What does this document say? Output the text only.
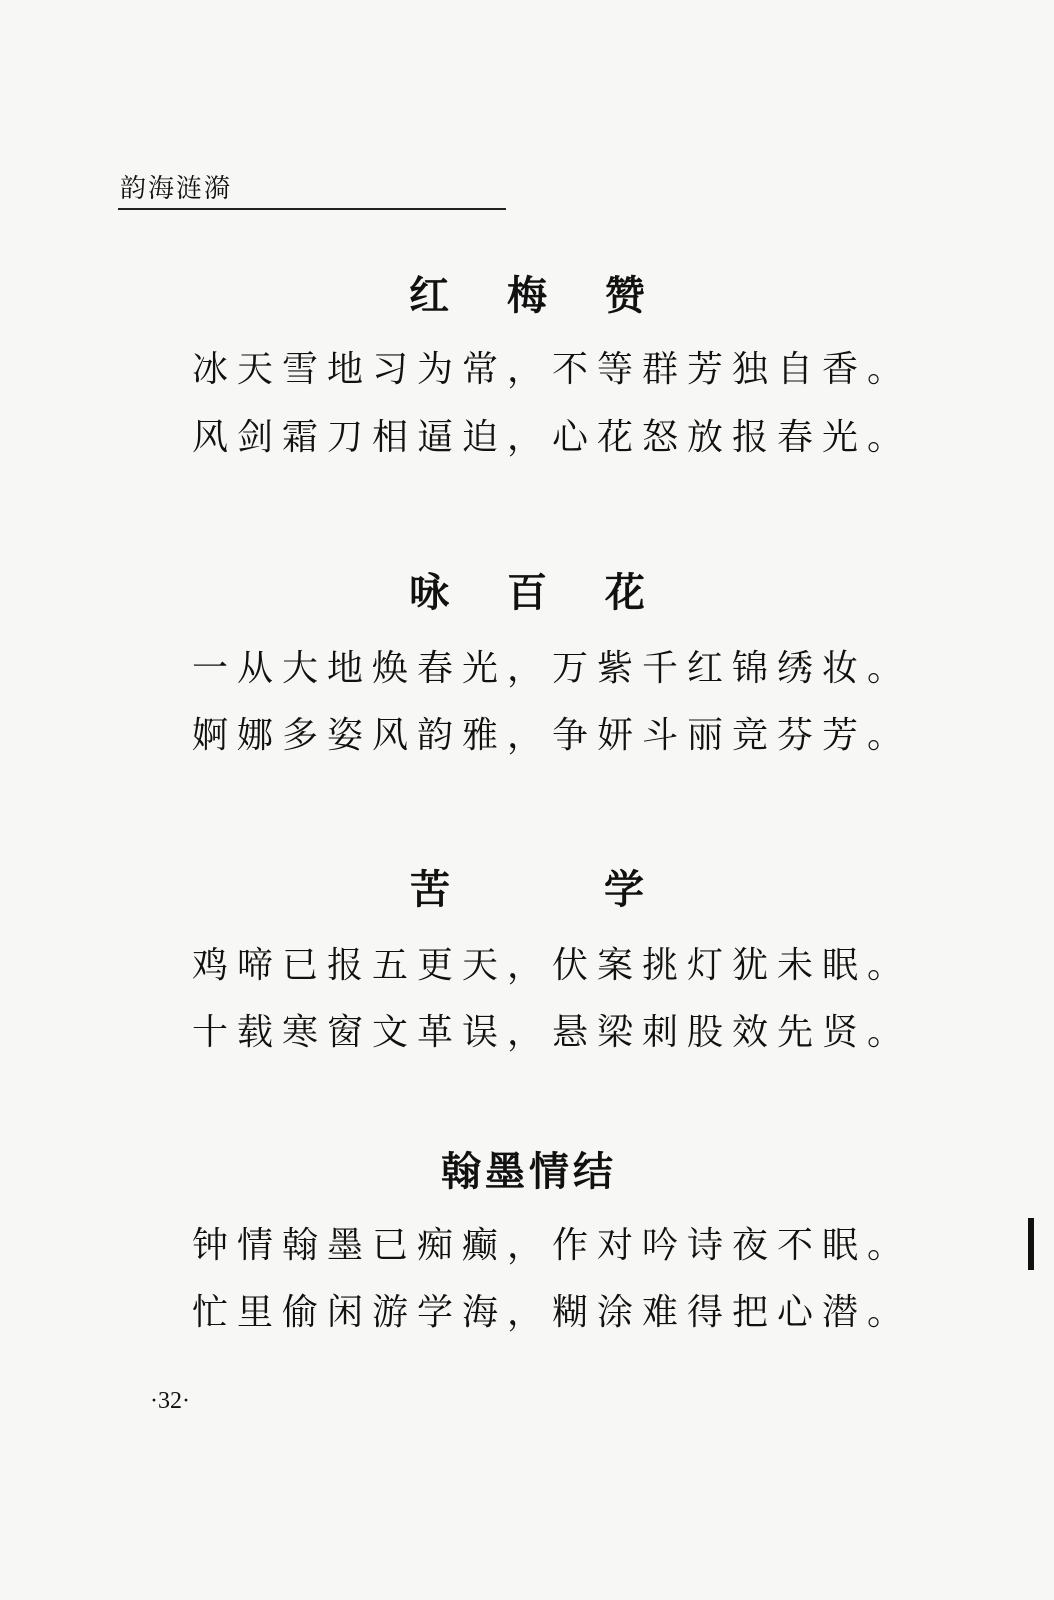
韵海涟漪
红 梅 赞
冰天雪地习为常，不等群芳独自香。
风剑霜刀相逼迫，心花怒放报春光。
咏 百 花
一从大地焕春光，万紫千红锦绣妆。
婀娜多姿风韵雅，争妍斗丽竞芬芳。
苦 学
鸡啼已报五更天，伏案挑灯犹未眠。
十载寒窗文革误，悬梁刺股效先贤。
翰墨情结
钟情翰墨已痴癫，作对吟诗夜不眠。
忙里偷闲游学海，糊涂难得把心潜。
·32·
